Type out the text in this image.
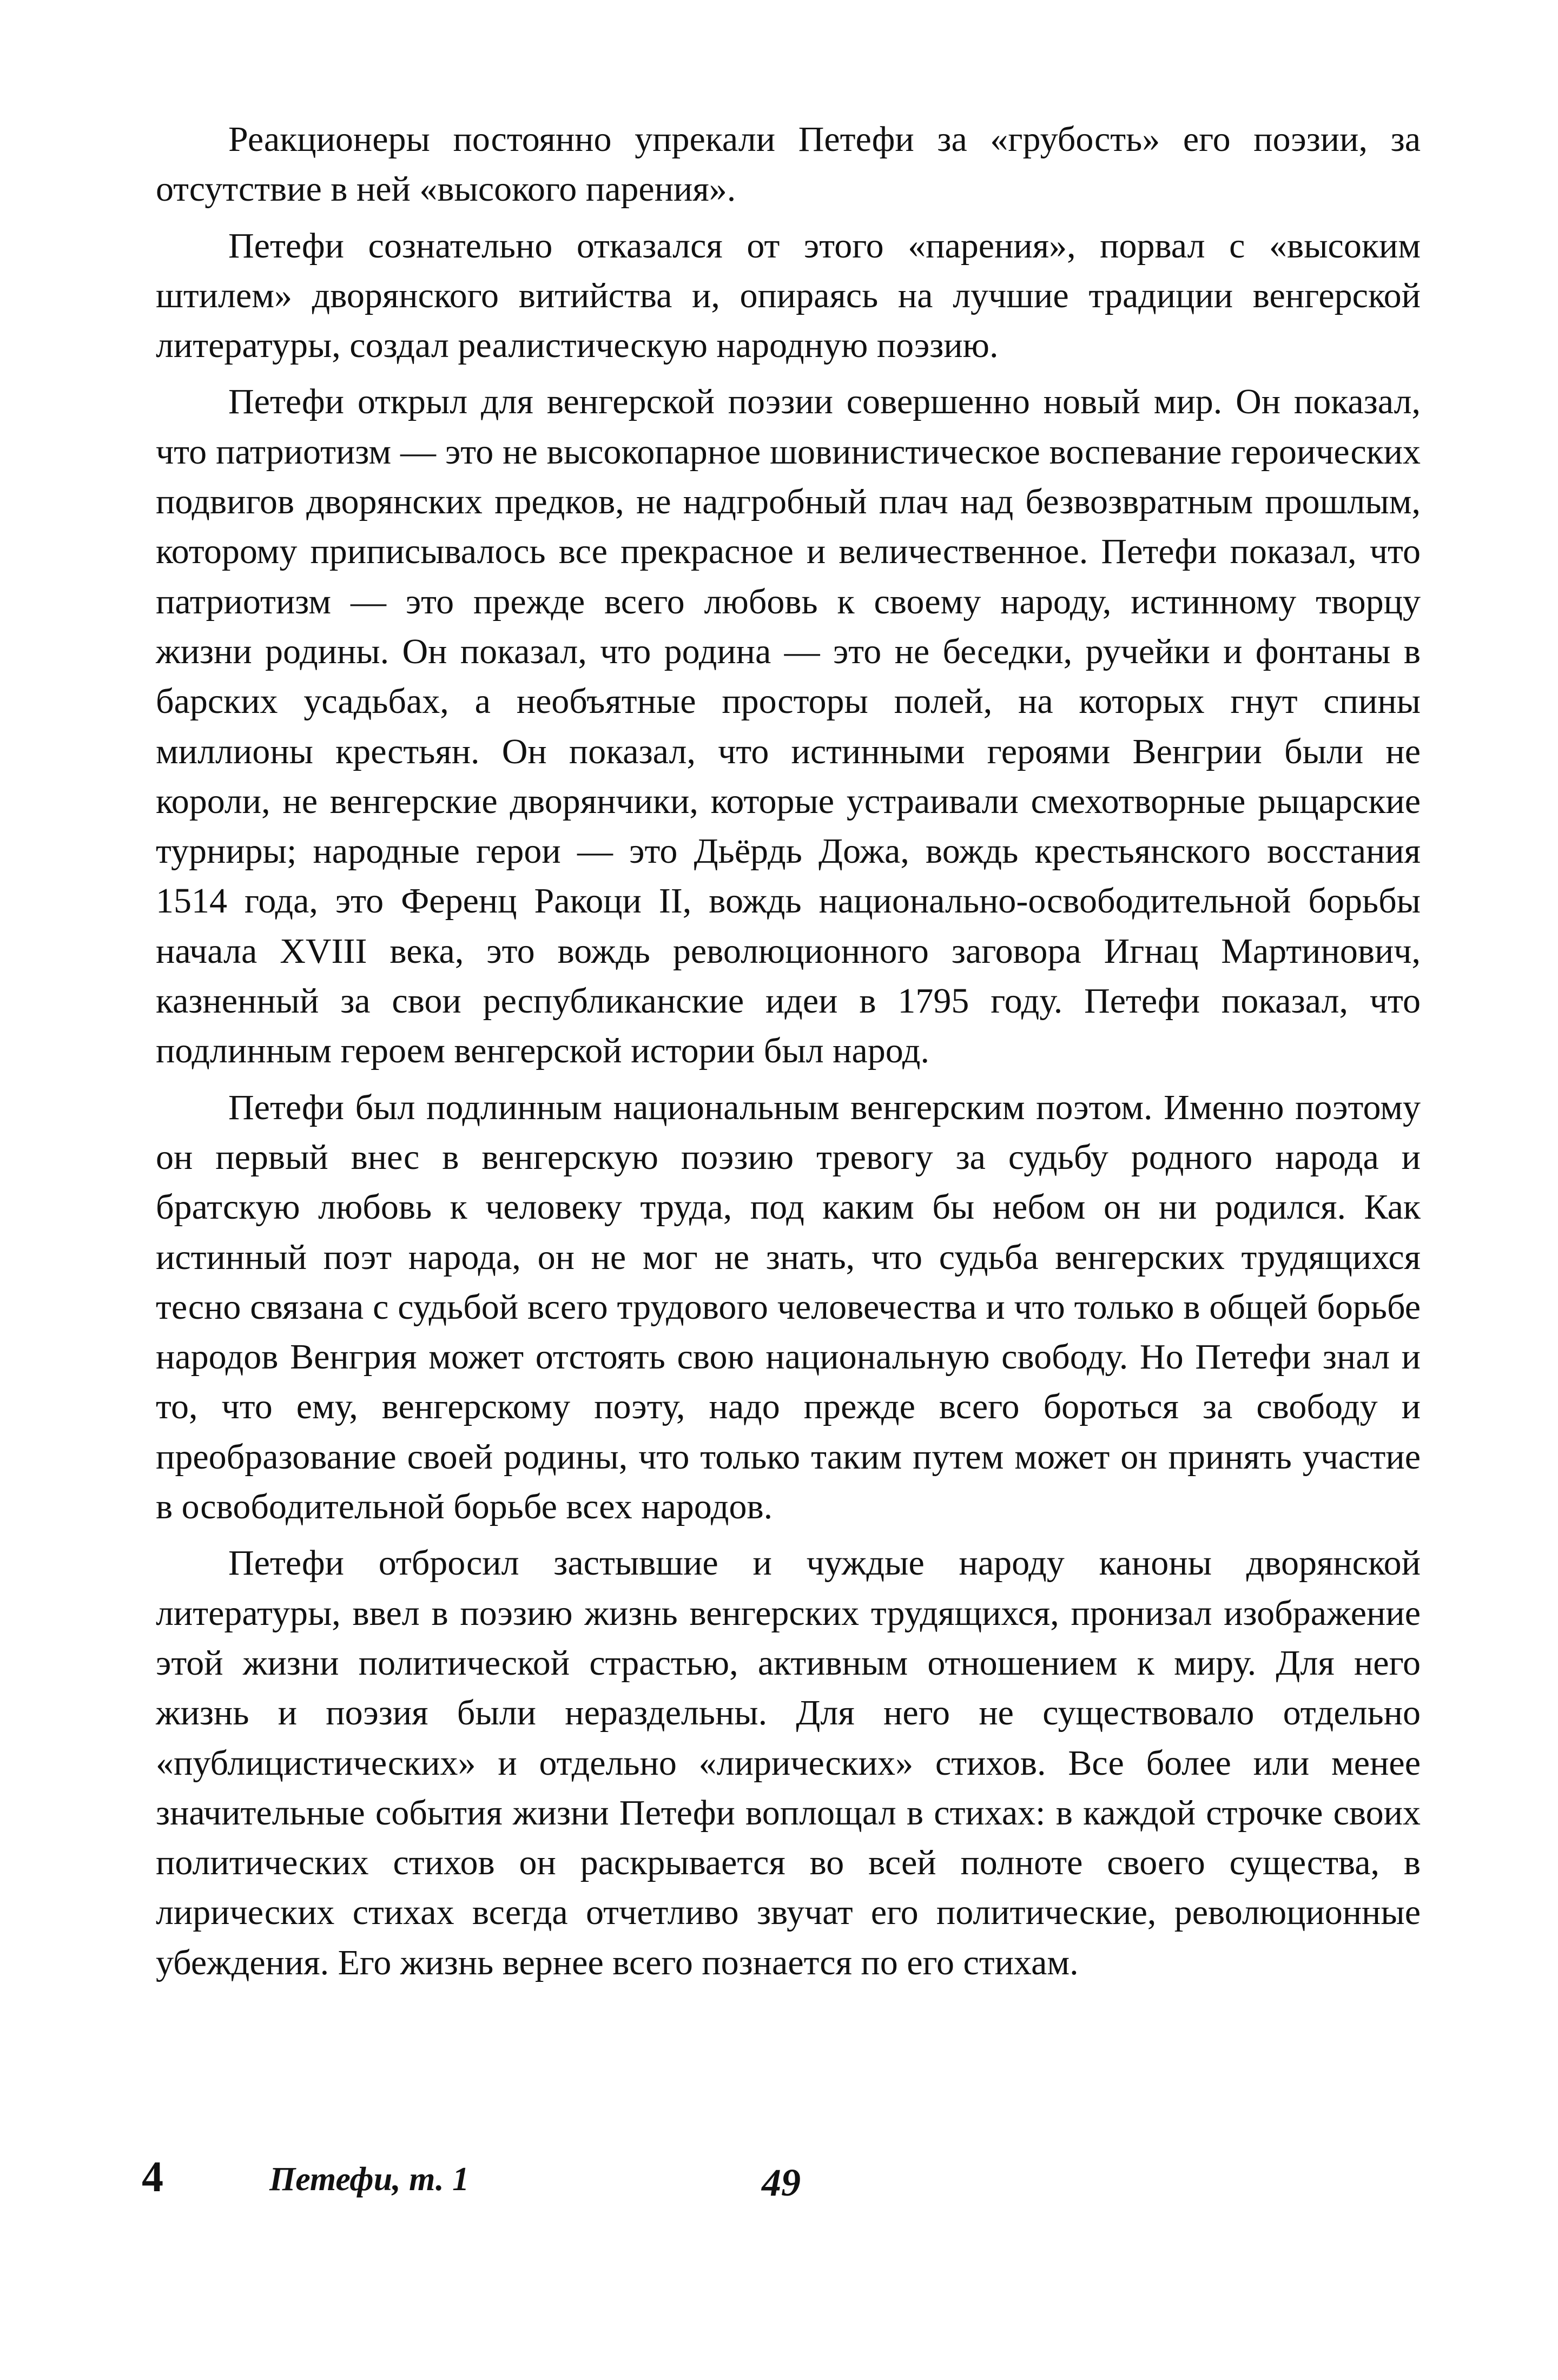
Реакционеры постоянно упрекали Петефи за «грубость» его поэзии, за отсутствие в ней «высокого парения».

Петефи сознательно отказался от этого «парения», порвал с «высоким штилем» дворянского витийства и, опираясь на лучшие традиции венгерской литературы, создал реалистическую народную поэзию.

Петефи открыл для венгерской поэзии совершенно новый мир. Он показал, что патриотизм — это не высокопарное шовинистическое воспевание героических подвигов дворянских предков, не надгробный плач над безвозвратным прошлым, которому приписывалось все прекрасное и величественное. Петефи показал, что патриотизм — это прежде всего любовь к своему народу, истинному творцу жизни родины. Он показал, что родина — это не беседки, ручейки и фонтаны в барских усадьбах, а необъятные просторы полей, на которых гнут спины миллионы крестьян. Он показал, что истинными героями Венгрии были не короли, не венгерские дворянчики, которые устраивали смехотворные рыцарские турниры; народные герои — это Дьёрдь Дожа, вождь крестьянского восстания 1514 года, это Ференц Ракоци II, вождь национально-освободительной борьбы начала XVIII века, это вождь революционного заговора Игнац Мартинович, казненный за свои республиканские идеи в 1795 году. Петефи показал, что подлинным героем венгерской истории был народ.

Петефи был подлинным национальным венгерским поэтом. Именно поэтому он первый внес в венгерскую поэзию тревогу за судьбу родного народа и братскую любовь к человеку труда, под каким бы небом он ни родился. Как истинный поэт народа, он не мог не знать, что судьба венгерских трудящихся тесно связана с судьбой всего трудового человечества и что только в общей борьбе народов Венгрия может отстоять свою национальную свободу. Но Петефи знал и то, что ему, венгерскому поэту, надо прежде всего бороться за свободу и преобразование своей родины, что только таким путем может он принять участие в освободительной борьбе всех народов.

Петефи отбросил застывшие и чуждые народу каноны дворянской литературы, ввел в поэзию жизнь венгерских трудящихся, пронизал изображение этой жизни политической страстью, активным отношением к миру. Для него жизнь и поэзия были нераздельны. Для него не существовало отдельно «публицистических» и отдельно «лирических» стихов. Все более или менее значительные события жизни Петефи воплощал в стихах: в каждой строчке своих политических стихов он раскрывается во всей полноте своего существа, в лирических стихах всегда отчетливо звучат его политические, революционные убеждения. Его жизнь вернее всего познается по его стихам.

4	Петефи, т. 1	49
